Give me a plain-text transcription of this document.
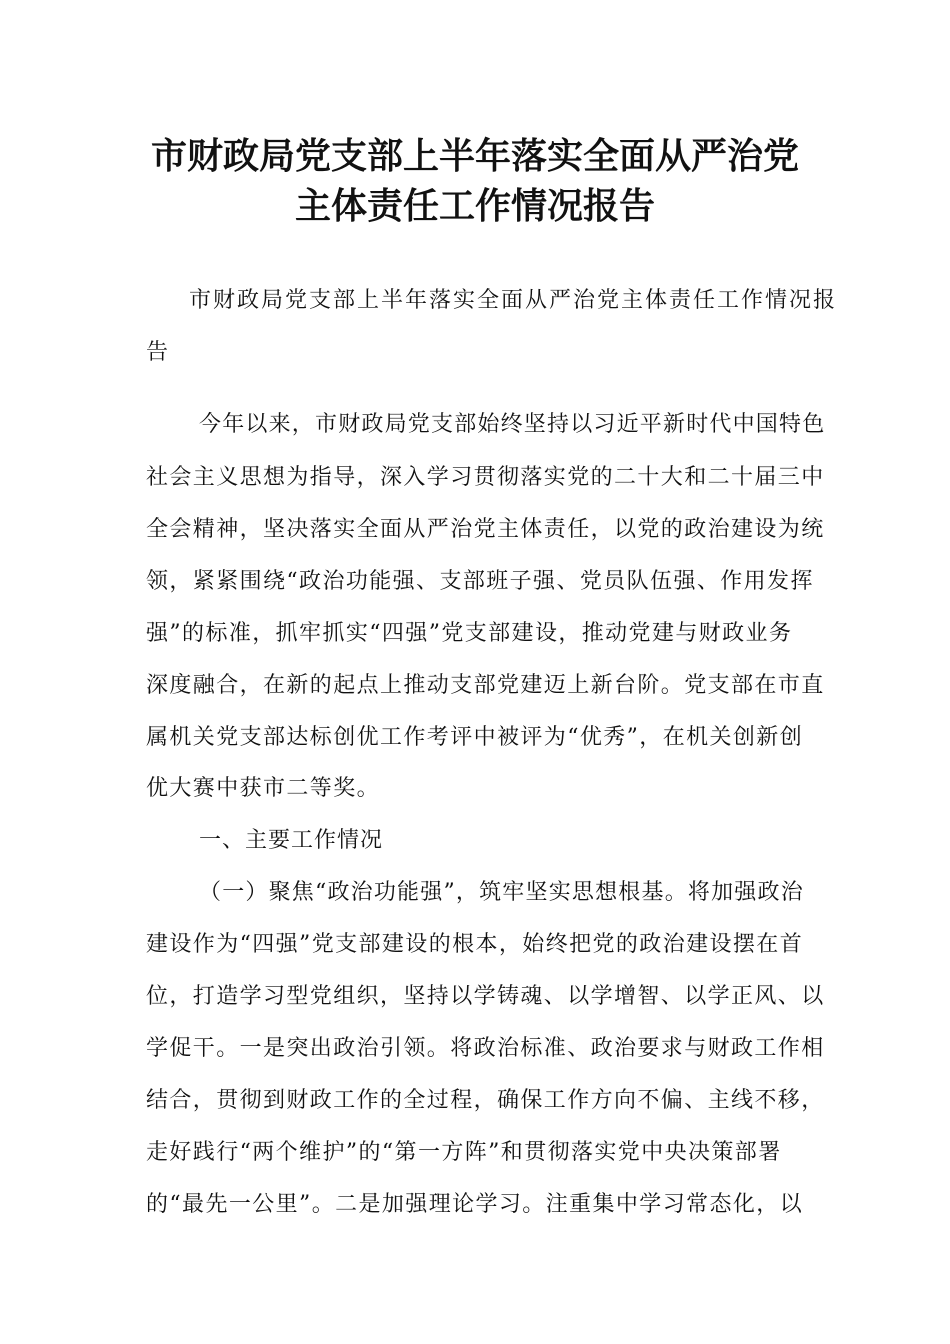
市财政局党支部上半年落实全面从严治党
主体责任工作情况报告

市财政局党支部上半年落实全面从严治党主体责任工作情况报

告

今年以来，市财政局党支部始终坚持以习近平新时代中国特色

社会主义思想为指导，深入学习贯彻落实党的二十大和二十届三中

全会精神，坚决落实全面从严治党主体责任，以党的政治建设为统

领，紧紧围绕“政治功能强、支部班子强、党员队伍强、作用发挥

强”的标准，抓牢抓实“四强”党支部建设，推动党建与财政业务

深度融合，在新的起点上推动支部党建迈上新台阶。党支部在市直

属机关党支部达标创优工作考评中被评为“优秀”，在机关创新创

优大赛中获市二等奖。

一、主要工作情况

（一）聚焦“政治功能强”，筑牢坚实思想根基。将加强政治

建设作为“四强”党支部建设的根本，始终把党的政治建设摆在首

位，打造学习型党组织，坚持以学铸魂、以学增智、以学正风、以

学促干。一是突出政治引领。将政治标准、政治要求与财政工作相

结合，贯彻到财政工作的全过程，确保工作方向不偏、主线不移，

走好践行“两个维护”的“第一方阵”和贯彻落实党中央决策部署

的“最先一公里”。二是加强理论学习。注重集中学习常态化，以
